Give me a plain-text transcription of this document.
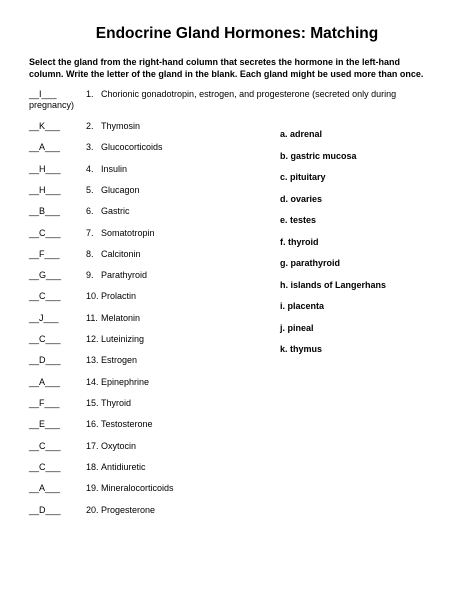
Endocrine Gland Hormones: Matching
Select the gland from the right-hand column that secretes the hormone in the left-hand
column. Write the letter of the gland in the blank. Each gland might be used more than once.
__I___	1. Chorionic gonadotropin, estrogen, and progesterone (secreted only during
pregnancy)
__K___	2. Thymosin
__A___	3. Glucocorticoids
__H___	4. Insulin
__H___	5. Glucagon
__B___	6. Gastric
__C___	7. Somatotropin
__F___	8. Calcitonin
__G___	9. Parathyroid
__C___	10. Prolactin
__J___	11. Melatonin
__C___	12. Luteinizing
__D___	13. Estrogen
__A___	14. Epinephrine
__F___	15. Thyroid
__E___	16. Testosterone
__C___	17. Oxytocin
__C___	18. Antidiuretic
__A___	19. Mineralocorticoids
__D___	20. Progesterone
a. adrenal
b. gastric mucosa
c. pituitary
d. ovaries
e. testes
f. thyroid
g. parathyroid
h. islands of Langerhans
i. placenta
j. pineal
k. thymus
